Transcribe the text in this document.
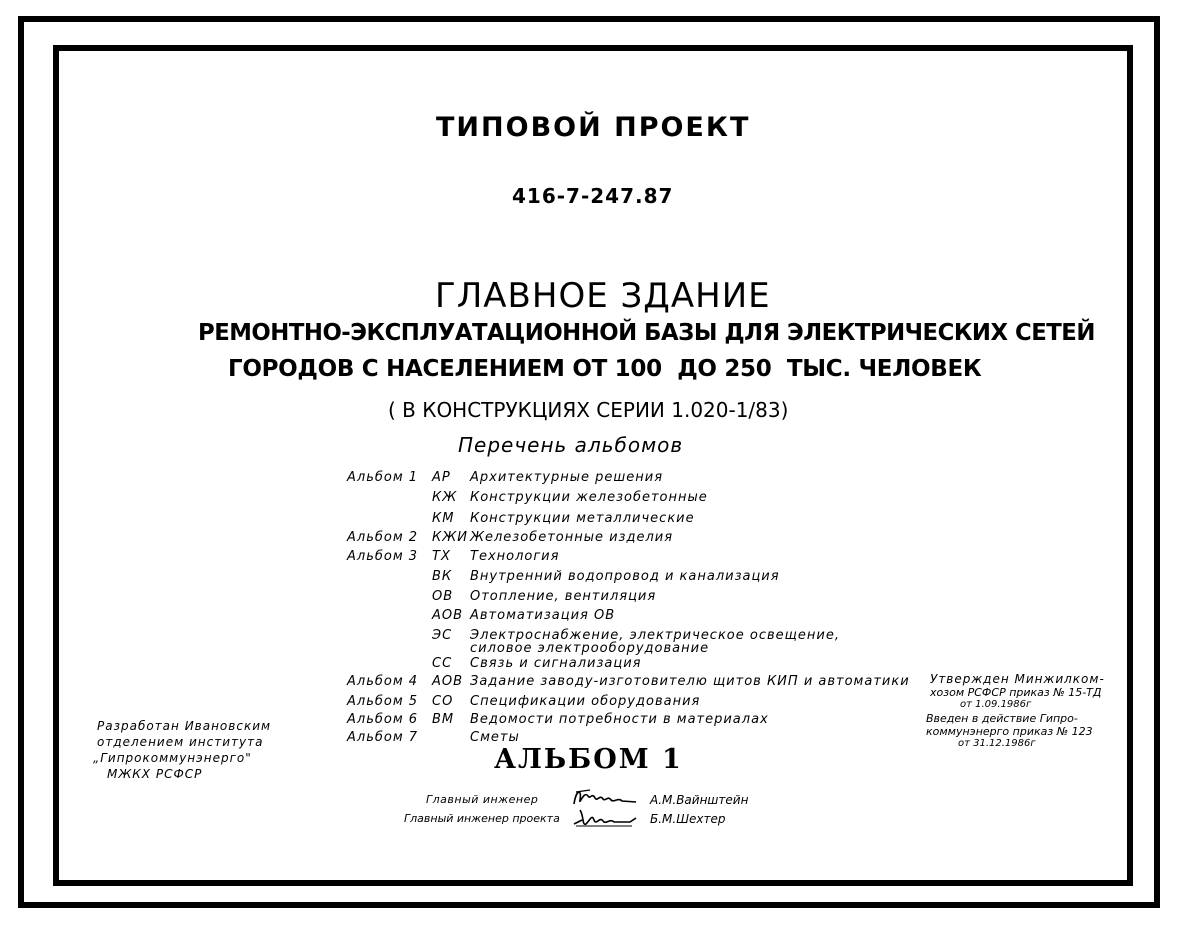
ТИПОВОЙ ПРОЕКТ
416-7-247.87
ГЛАВНОЕ ЗДАНИЕ
РЕМОНТНО-ЭКСПЛУАТАЦИОННОЙ БАЗЫ ДЛЯ ЭЛЕКТРИЧЕСКИХ СЕТЕЙ
ГОРОДОВ С НАСЕЛЕНИЕМ ОТ 100  ДО 250  ТЫС. ЧЕЛОВЕК
( В КОНСТРУКЦИЯХ СЕРИИ 1.020-1/83)
Перечень альбомов
Альбом 1 АР Архитектурные решения
КЖ Конструкции железобетонные
КМ Конструкции металлические
Альбом 2 КЖИ Железобетонные изделия
Альбом 3 ТХ Технология
ВК Внутренний водопровод и канализация
ОВ Отопление, вентиляция
АОВ Автоматизация ОВ
ЭС Электроснабжение, электрическое освещение,
силовое электрооборудование
СС Связь и сигнализация
Альбом 4 АОВ Задание заводу-изготовителю щитов КИП и автоматики
Альбом 5 СО Спецификации оборудования
Альбом 6 ВМ Ведомости потребности в материалах
Альбом 7	Сметы
АЛЬБОМ 1
Разработан Ивановским
отделением института
„Гипрокоммунэнерго"
МЖКХ РСФСР
Утвержден Минжилком-
хозом РСФСР приказ № 15-ТД
от 1.09.1986г
Введен в действие Гипро-
коммунэнерго приказ № 123
от 31.12.1986г
Главный инженер	А.М.Вайнштейн
Главный инженер проекта	Б.М.Шехтер
